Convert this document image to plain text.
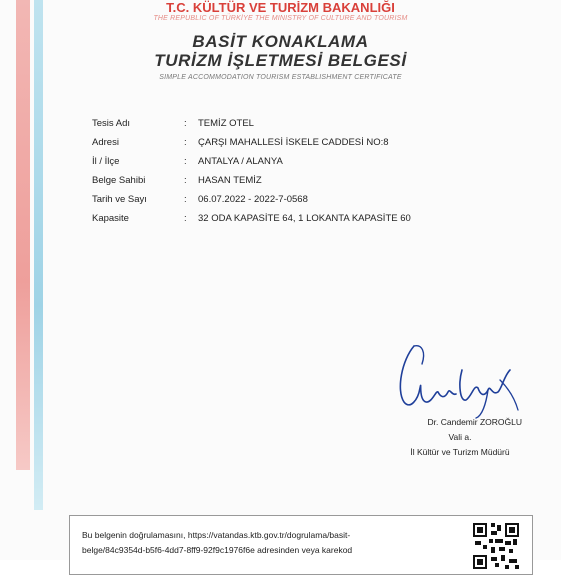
T.C. KÜLTÜR VE TURİZM BAKANLIĞI
THE REPUBLIC OF TÜRKİYE THE MINISTRY OF CULTURE AND TOURISM
BASİT KONAKLAMA
TURİZM İŞLETMESİ BELGESİ
SIMPLE ACCOMMODATION TOURISM ESTABLISHMENT CERTIFICATE
Tesis Adı	: TEMİZ OTEL
Adresi	: ÇARŞI MAHALLESİ İSKELE CADDESİ NO:8
İl / İlçe	: ANTALYA / ALANYA
Belge Sahibi	: HASAN TEMİZ
Tarih ve Sayı	: 06.07.2022 - 2022-7-0568
Kapasite	: 32 ODA KAPASİTE 64, 1 LOKANTA KAPASİTE 60
Dr. Candemir ZOROĞLU
Vali a.
İl Kültür ve Turizm Müdürü
Bu belgenin doğrulamasını, https://vatandas.ktb.gov.tr/dogrulama/basit-
belge/84c9354d-b5f6-4dd7-8ff9-92f9c1976f6e adresinden veya karekod
